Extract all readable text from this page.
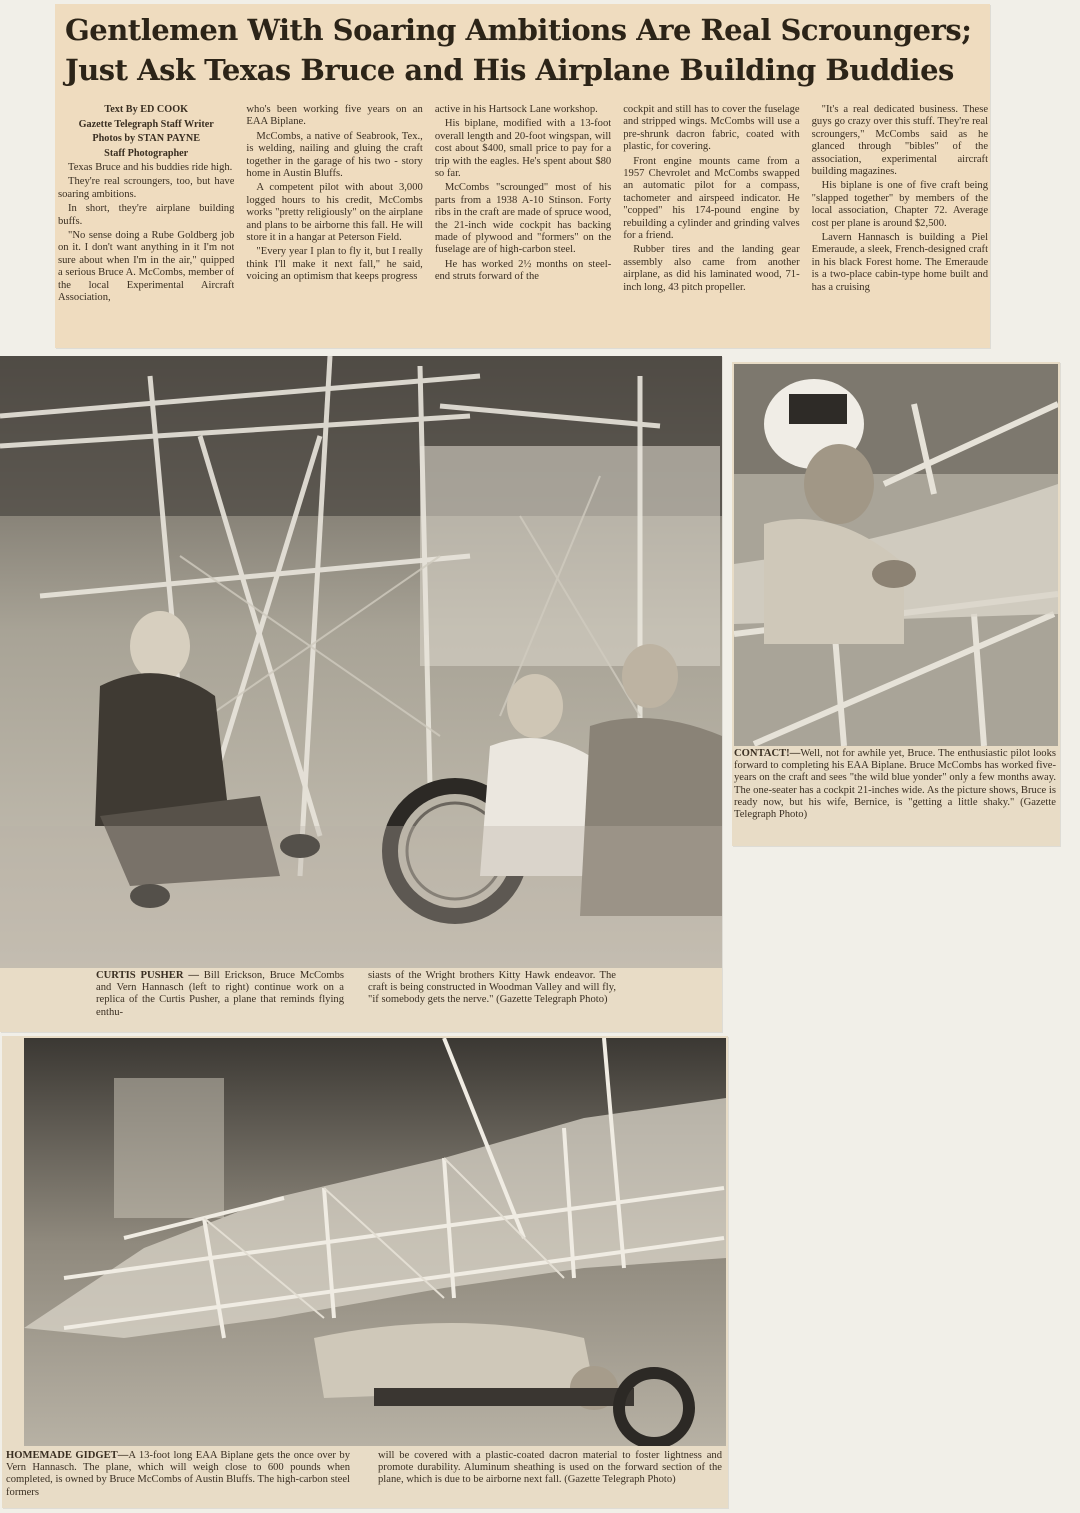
Gentlemen With Soaring Ambitions Are Real Scroungers;
Just Ask Texas Bruce and His Airplane Building Buddies

Text By ED COOK

Gazette Telegraph Staff Writer

Photos by STAN PAYNE

Staff Photographer

Texas Bruce and his buddies ride high.

They're real scroungers, too, but have soaring ambitions.

In short, they're airplane building buffs.

"No sense doing a Rube Goldberg job on it. I don't want anything in it I'm not sure about when I'm in the air," quipped a serious Bruce A. McCombs, member of the local Experimental Aircraft Association,

who's been working five years on an EAA Biplane.

McCombs, a native of Seabrook, Tex., is welding, nailing and gluing the craft together in the garage of his two - story home in Austin Bluffs.

A competent pilot with about 3,000 logged hours to his credit, McCombs works "pretty religiously" on the airplane and plans to be airborne this fall. He will store it in a hangar at Peterson Field.

"Every year I plan to fly it, but I really think I'll make it next fall," he said, voicing an optimism that keeps progress

active in his Hartsock Lane workshop.

His biplane, modified with a 13-foot overall length and 20-foot wingspan, will cost about $400, small price to pay for a trip with the eagles. He's spent about $80 so far.

McCombs "scrounged" most of his parts from a 1938 A-10 Stinson. Forty ribs in the craft are made of spruce wood, the 21-inch wide cockpit has backing made of plywood and "formers" on the fuselage are of high-carbon steel.

He has worked 2½ months on steel-end struts forward of the

cockpit and still has to cover the fuselage and stripped wings. McCombs will use a pre-shrunk dacron fabric, coated with plastic, for covering.

Front engine mounts came from a 1957 Chevrolet and McCombs swapped an automatic pilot for a compass, tachometer and airspeed indicator. He "copped" his 174-pound engine by rebuilding a cylinder and grinding valves for a friend.

Rubber tires and the landing gear assembly also came from another airplane, as did his laminated wood, 71-inch long, 43 pitch propeller.

"It's a real dedicated business. These guys go crazy over this stuff. They're real scroungers," McCombs said as he glanced through "bibles" of the association, experimental aircraft building magazines.

His biplane is one of five craft being "slapped together" by members of the local association, Chapter 72. Average cost per plane is around $2,500.

Lavern Hannasch is building a Piel Emeraude, a sleek, French-designed craft in his black Forest home. The Emeraude is a two-place cabin-type home built and has a cruising

CURTIS PUSHER — Bill Erickson, Bruce McCombs and Vern Hannasch (left to right) continue work on a replica of the Curtis Pusher, a plane that reminds flying enthu-

siasts of the Wright brothers Kitty Hawk endeavor. The craft is being constructed in Woodman Valley and will fly, "if somebody gets the nerve." (Gazette Telegraph Photo)

CONTACT!—Well, not for awhile yet, Bruce. The enthusiastic pilot looks forward to completing his EAA Biplane. Bruce McCombs has worked five-years on the craft and sees "the wild blue yonder" only a few months away. The one-seater has a cockpit 21-inches wide. As the picture shows, Bruce is ready now, but his wife, Bernice, is "getting a little shaky." (Gazette Telegraph Photo)

HOMEMADE GIDGET—A 13-foot long EAA Biplane gets the once over by Vern Hannasch. The plane, which will weigh close to 600 pounds when completed, is owned by Bruce McCombs of Austin Bluffs. The high-carbon steel formers

will be covered with a plastic-coated dacron material to foster lightness and promote durability. Aluminum sheathing is used on the forward section of the plane, which is due to be airborne next fall. (Gazette Telegraph Photo)
